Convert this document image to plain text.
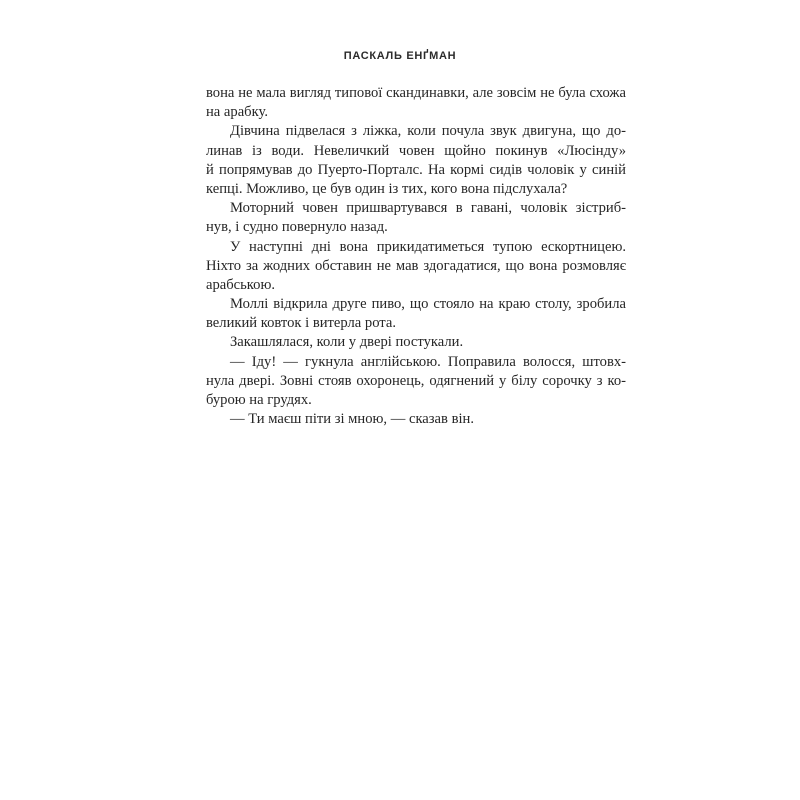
ПАСКАЛЬ ЕНҐМАН
вона не мала вигляд типової скандинавки, але зовсім не була схожа
на арабку.
Дівчина підвелася з ліжка, коли почула звук двигуна, що до-
линав із води. Невеличкий човен щойно покинув «Люсінду»
й попрямував до Пуерто-Порталс. На кормі сидів чоловік у синій
кепці. Можливо, це був один із тих, кого вона підслухала?
Моторний човен пришвартувався в гавані, чоловік зістриб-
нув, і судно повернуло назад.
У наступні дні вона прикидатиметься тупою ескортницею.
Ніхто за жодних обставин не мав здогадатися, що вона розмовляє
арабською.
Моллі відкрила друге пиво, що стояло на краю столу, зробила
великий ковток і витерла рота.
Закашлялася, коли у двері постукали.
— Іду! — гукнула англійською. Поправила волосся, штовх-
нула двері. Зовні стояв охоронець, одягнений у білу сорочку з ко-
бурою на грудях.
— Ти маєш піти зі мною, — сказав він.
